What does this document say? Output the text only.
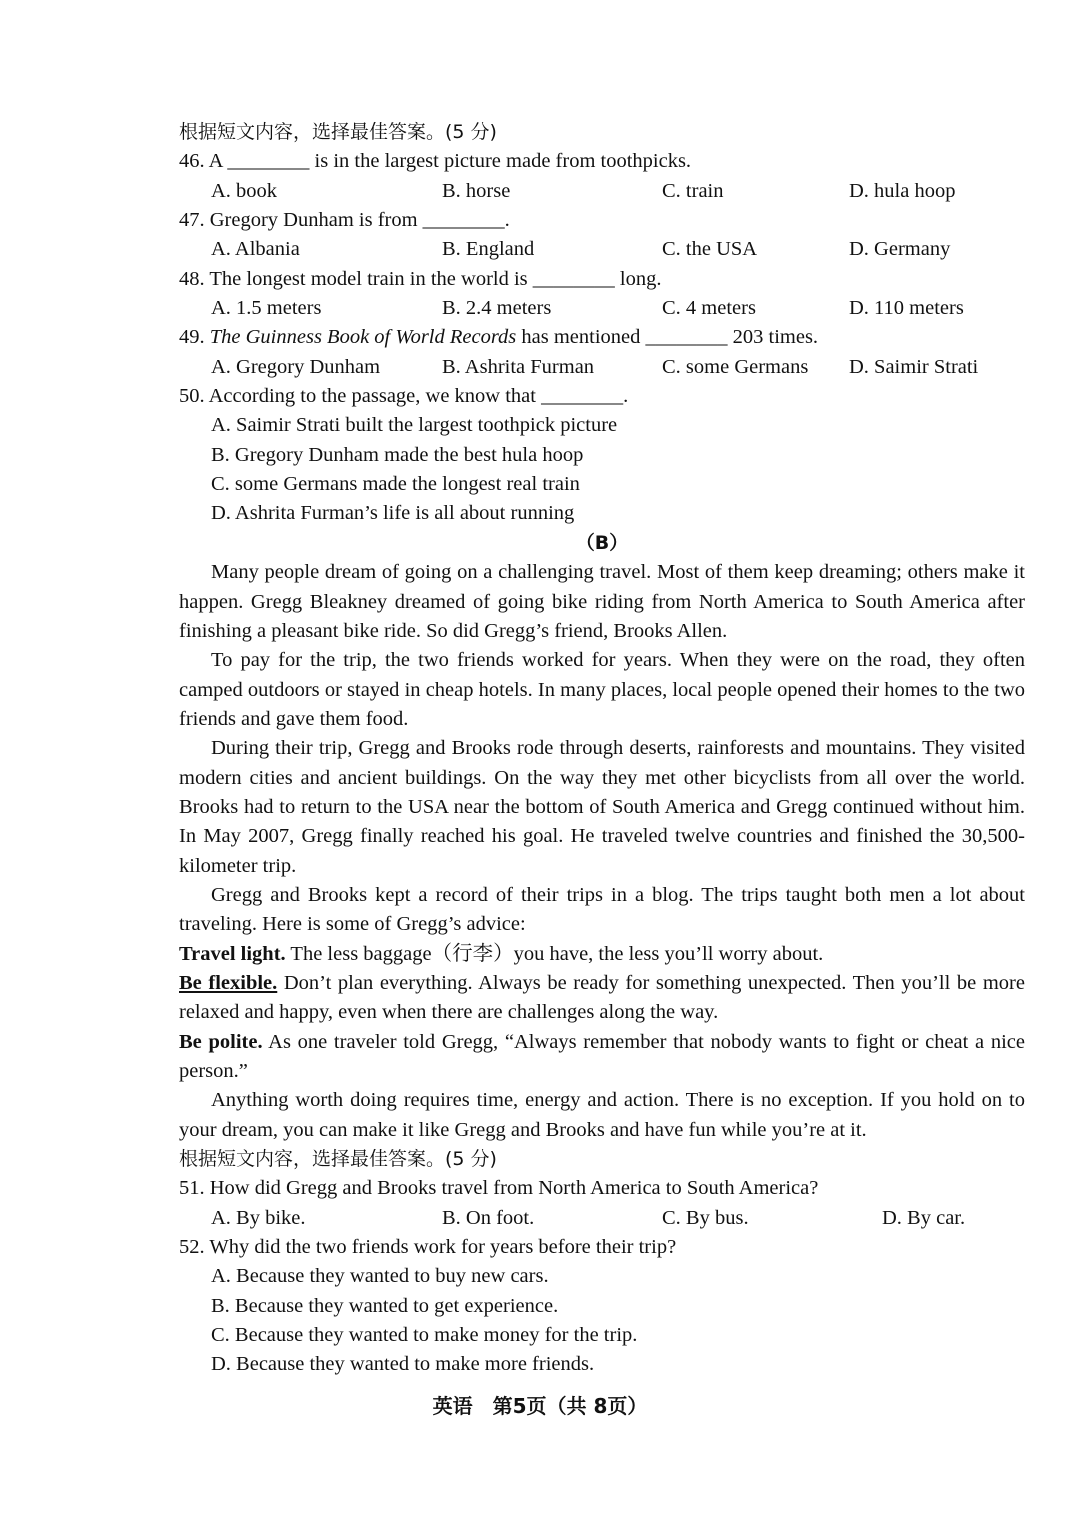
根据短文内容，选择最佳答案。(5 分)
46. A ________ is in the largest picture made from toothpicks.
A. book	B. horse	C. train	D. hula hoop
47. Gregory Dunham is from ________.
A. Albania	B. England	C. the USA	D. Germany
48. The longest model train in the world is ________ long.
A. 1.5 meters	B. 2.4 meters	C. 4 meters	D. 110 meters
49. The Guinness Book of World Records has mentioned ________ 203 times.
A. Gregory Dunham	B. Ashrita Furman	C. some Germans	D. Saimir Strati
50. According to the passage, we know that ________.
A. Saimir Strati built the largest toothpick picture
B. Gregory Dunham made the best hula hoop
C. some Germans made the longest real train
D. Ashrita Furman’s life is all about running
（B）

Many people dream of going on a challenging travel. Most of them keep dreaming; others make it happen. Gregg Bleakney dreamed of going bike riding from North America to South America after finishing a pleasant bike ride. So did Gregg’s friend, Brooks Allen.

To pay for the trip, the two friends worked for years. When they were on the road, they often camped outdoors or stayed in cheap hotels. In many places, local people opened their homes to the two friends and gave them food.

During their trip, Gregg and Brooks rode through deserts, rainforests and mountains. They visited modern cities and ancient buildings. On the way they met other bicyclists from all over the world. Brooks had to return to the USA near the bottom of South America and Gregg continued without him. In May 2007, Gregg finally reached his goal. He traveled twelve countries and finished the 30,500-kilometer trip.

Gregg and Brooks kept a record of their trips in a blog. The trips taught both men a lot about traveling. Here is some of Gregg’s advice:

Travel light. The less baggage（行李）you have, the less you’ll worry about.

Be flexible. Don’t plan everything. Always be ready for something unexpected. Then you’ll be more relaxed and happy, even when there are challenges along the way.

Be polite. As one traveler told Gregg, “Always remember that nobody wants to fight or cheat a nice person.”

Anything worth doing requires time, energy and action. There is no exception. If you hold on to your dream, you can make it like Gregg and Brooks and have fun while you’re at it.

根据短文内容，选择最佳答案。(5 分)
51. How did Gregg and Brooks travel from North America to South America?
A. By bike.	B. On foot.	C. By bus.	D. By car.
52. Why did the two friends work for years before their trip?
A. Because they wanted to buy new cars.
B. Because they wanted to get experience.
C. Because they wanted to make money for the trip.
D. Because they wanted to make more friends.
英语　第5页（共 8页）
